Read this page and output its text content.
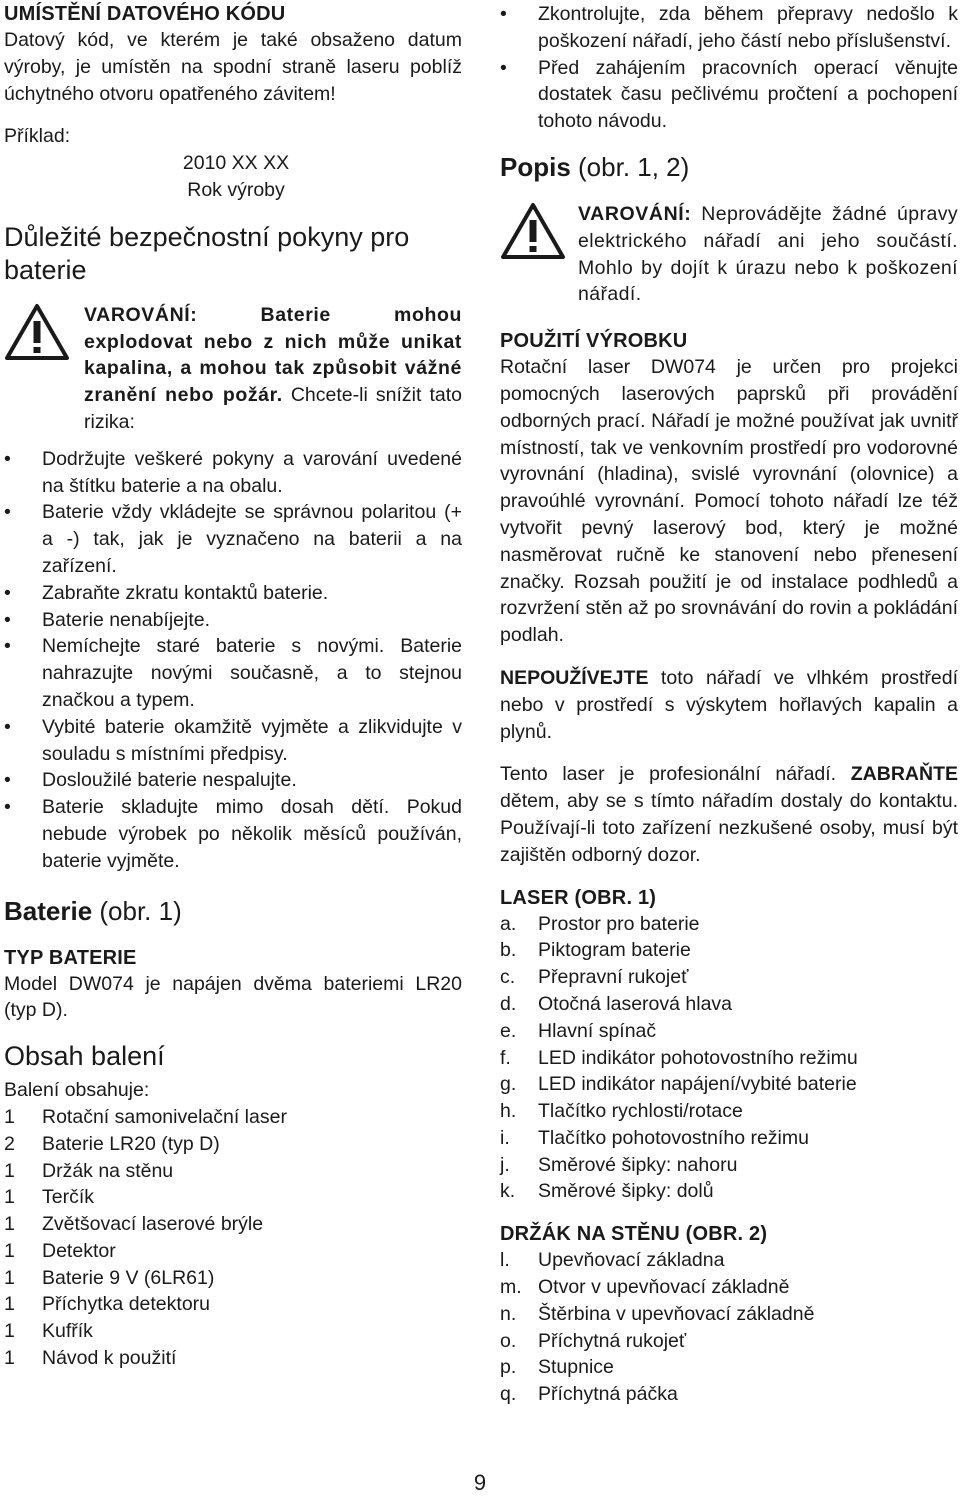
UMÍSTĚNÍ DATOVÉHO KÓDU

Datový kód, ve kterém je také obsaženo datum výroby, je umístěn na spodní straně laseru poblíž úchytného otvoru opatřeného závitem!

Příklad:

2010 XX XX

Rok výroby

Důležité bezpečnostní pokyny pro baterie

VAROVÁNÍ: Baterie mohou explodovat nebo z nich může unikat kapalina, a mohou tak způsobit vážné zranění nebo požár. Chcete-li snížit tato rizika:

• Dodržujte veškeré pokyny a varování uvedené na štítku baterie a na obalu.
• Baterie vždy vkládejte se správnou polaritou (+ a -) tak, jak je vyznačeno na baterii a na zařízení.
• Zabraňte zkratu kontaktů baterie.
• Baterie nenabíjejte.
• Nemíchejte staré baterie s novými. Baterie nahrazujte novými současně, a to stejnou značkou a typem.
• Vybité baterie okamžitě vyjměte a zlikvidujte v souladu s místními předpisy.
• Dosloužilé baterie nespalujte.
• Baterie skladujte mimo dosah dětí. Pokud nebude výrobek po několik měsíců používán, baterie vyjměte.
Baterie (obr. 1)
TYP BATERIE

Model DW074 je napájen dvěma bateriemi LR20 (typ D).

Obsah balení

Balení obsahuje:

1	Rotační samonivelační laser
2	Baterie LR20 (typ D)
1	Držák na stěnu
1	Terčík
1	Zvětšovací laserové brýle
1	Detektor
1	Baterie 9 V (6LR61)
1	Příchytka detektoru
1	Kufřík
1	Návod k použití
• Zkontrolujte, zda během přepravy nedošlo k poškození nářadí, jeho částí nebo příslušenství.
• Před zahájením pracovních operací věnujte dostatek času pečlivému pročtení a pochopení tohoto návodu.
Popis (obr. 1, 2)

VAROVÁNÍ: Neprovádějte žádné úpravy elektrického nářadí ani jeho součástí. Mohlo by dojít k úrazu nebo k poškození nářadí.

POUŽITÍ VÝROBKU

Rotační laser DW074 je určen pro projekci pomocných laserových paprsků při provádění odborných prací. Nářadí je možné používat jak uvnitř místností, tak ve venkovním prostředí pro vodorovné vyrovnání (hladina), svislé vyrovnání (olovnice) a pravoúhlé vyrovnání. Pomocí tohoto nářadí lze též vytvořit pevný laserový bod, který je možné nasměrovat ručně ke stanovení nebo přenesení značky. Rozsah použití je od instalace podhledů a rozvržení stěn až po srovnávání do rovin a pokládání podlah.

NEPOUŽÍVEJTE toto nářadí ve vlhkém prostředí nebo v prostředí s výskytem hořlavých kapalin a plynů.

Tento laser je profesionální nářadí. ZABRAŇTE dětem, aby se s tímto nářadím dostaly do kontaktu. Používají-li toto zařízení nezkušené osoby, musí být zajištěn odborný dozor.

LASER (OBR. 1)
a.	Prostor pro baterie
b.	Piktogram baterie
c.	Přepravní rukojeť
d.	Otočná laserová hlava
e.	Hlavní spínač
f.	LED indikátor pohotovostního režimu
g.	LED indikátor napájení/vybité baterie
h.	Tlačítko rychlosti/rotace
i.	Tlačítko pohotovostního režimu
j.	Směrové šipky: nahoru
k.	Směrové šipky: dolů
DRŽÁK NA STĚNU (OBR. 2)
l.	Upevňovací základna
m. Otvor v upevňovací základně
n.	Štěrbina v upevňovací základně
o.	Příchytná rukojeť
p.	Stupnice
q.	Příchytná páčka
9
